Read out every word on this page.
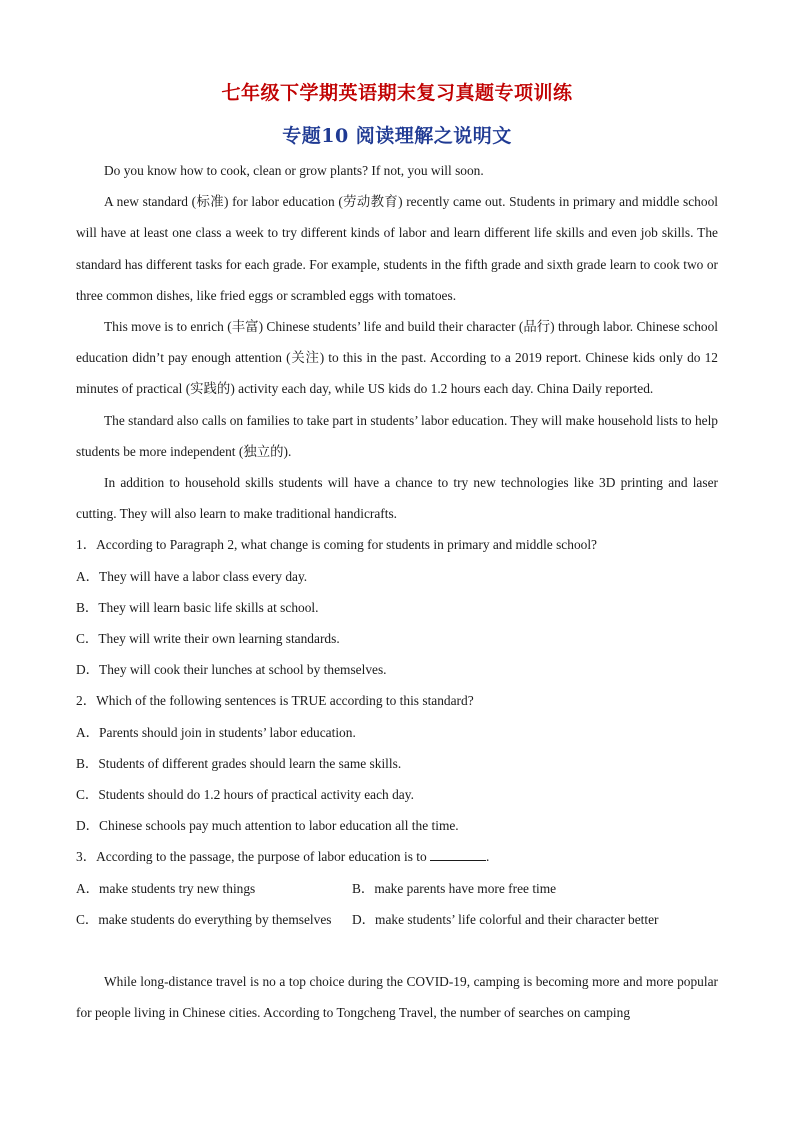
七年级下学期英语期末复习真题专项训练
专题10 阅读理解之说明文

Do you know how to cook, clean or grow plants? If not, you will soon.

A new standard (标准) for labor education (劳动教育) recently came out. Students in primary and middle school will have at least one class a week to try different kinds of labor and learn different life skills and even job skills. The standard has different tasks for each grade. For example, students in the fifth grade and sixth grade learn to cook two or three common dishes, like fried eggs or scrambled eggs with tomatoes.

This move is to enrich (丰富) Chinese students’ life and build their character (品行) through labor. Chinese school education didn’t pay enough attention (关注) to this in the past. According to a 2019 report. Chinese kids only do 12 minutes of practical (实践的) activity each day, while US kids do 1.2 hours each day. China Daily reported.

The standard also calls on families to take part in students’ labor education. They will make household lists to help students be more independent (独立的).

In addition to household skills students will have a chance to try new technologies like 3D printing and laser cutting. They will also learn to make traditional handicrafts.

1．According to Paragraph 2, what change is coming for students in primary and middle school?

A．They will have a labor class every day.

B．They will learn basic life skills at school.

C．They will write their own learning standards.

D．They will cook their lunches at school by themselves.

2．Which of the following sentences is TRUE according to this standard?

A．Parents should join in students’ labor education.

B．Students of different grades should learn the same skills.

C．Students should do 1.2 hours of practical activity each day.

D．Chinese schools pay much attention to labor education all the time.

3．According to the passage, the purpose of labor education is to	.

A．make students try new things	B．make parents have more free time
C．make students do everything by themselves	D．make students’ life colorful and their character better

While long-distance travel is no a top choice during the COVID-19, camping is becoming more and more popular for people living in Chinese cities. According to Tongcheng Travel, the number of searches on camping
